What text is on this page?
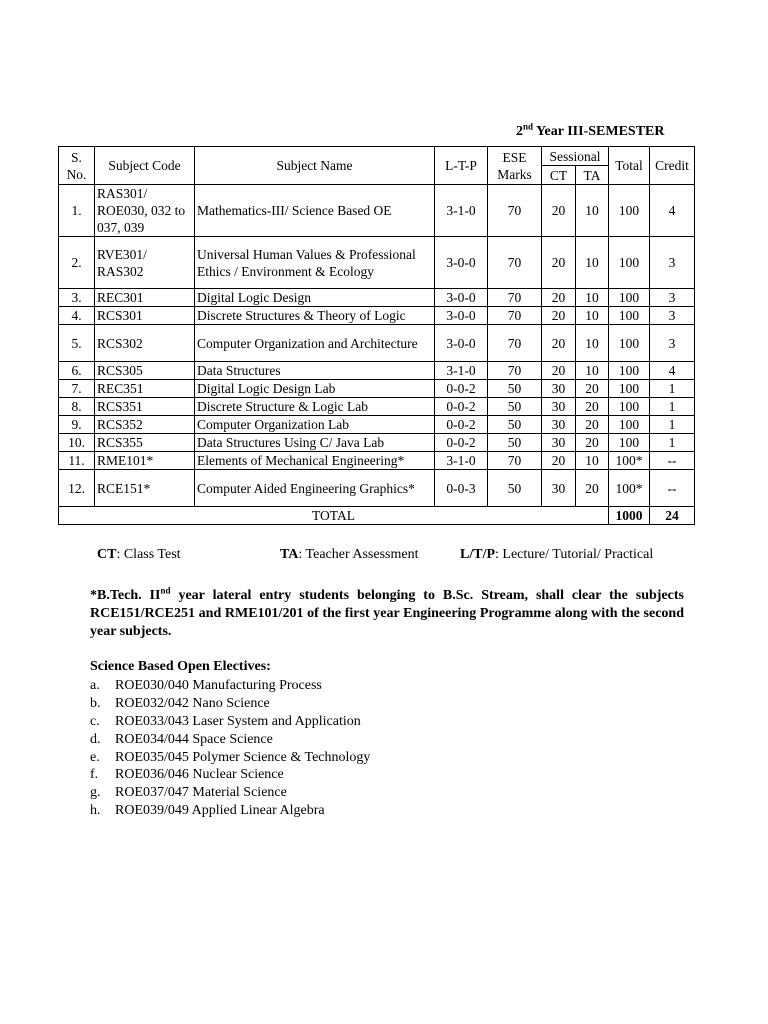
2nd Year III-SEMESTER
S. No.	Subject Code	Subject Name	L-T-P	ESE Marks	Sessional		Total	Credit
					CT	TA		
1.	RAS301/ ROE030, 032 to 037, 039	Mathematics-III/ Science Based OE	3-1-0	70	20	10	100	4
2.	RVE301/ RAS302	Universal Human Values & Professional Ethics / Environment & Ecology	3-0-0	70	20	10	100	3
3.	REC301	Digital Logic Design	3-0-0	70	20	10	100	3
4.	RCS301	Discrete Structures & Theory of Logic	3-0-0	70	20	10	100	3
5.	RCS302	Computer Organization and Architecture	3-0-0	70	20	10	100	3
6.	RCS305	Data Structures	3-1-0	70	20	10	100	4
7.	REC351	Digital Logic Design Lab	0-0-2	50	30	20	100	1
8.	RCS351	Discrete Structure & Logic Lab	0-0-2	50	30	20	100	1
9.	RCS352	Computer Organization Lab	0-0-2	50	30	20	100	1
10.	RCS355	Data Structures Using C/ Java Lab	0-0-2	50	30	20	100	1
11.	RME101*	Elements of Mechanical Engineering*	3-1-0	70	20	10	100*	--
12.	RCE151*	Computer Aided Engineering Graphics*	0-0-3	50	30	20	100*	--
TOTAL							1000	24
CT: Class Test	TA: Teacher Assessment	L/T/P: Lecture/ Tutorial/ Practical
*B.Tech. IInd year lateral entry students belonging to B.Sc. Stream, shall clear the subjects RCE151/RCE251 and RME101/201 of the first year Engineering Programme along with the second year subjects.
Science Based Open Electives:
a. ROE030/040 Manufacturing Process
b. ROE032/042 Nano Science
c. ROE033/043 Laser System and Application
d. ROE034/044 Space Science
e. ROE035/045 Polymer Science & Technology
f. ROE036/046 Nuclear Science
g. ROE037/047 Material Science
h. ROE039/049 Applied Linear Algebra
